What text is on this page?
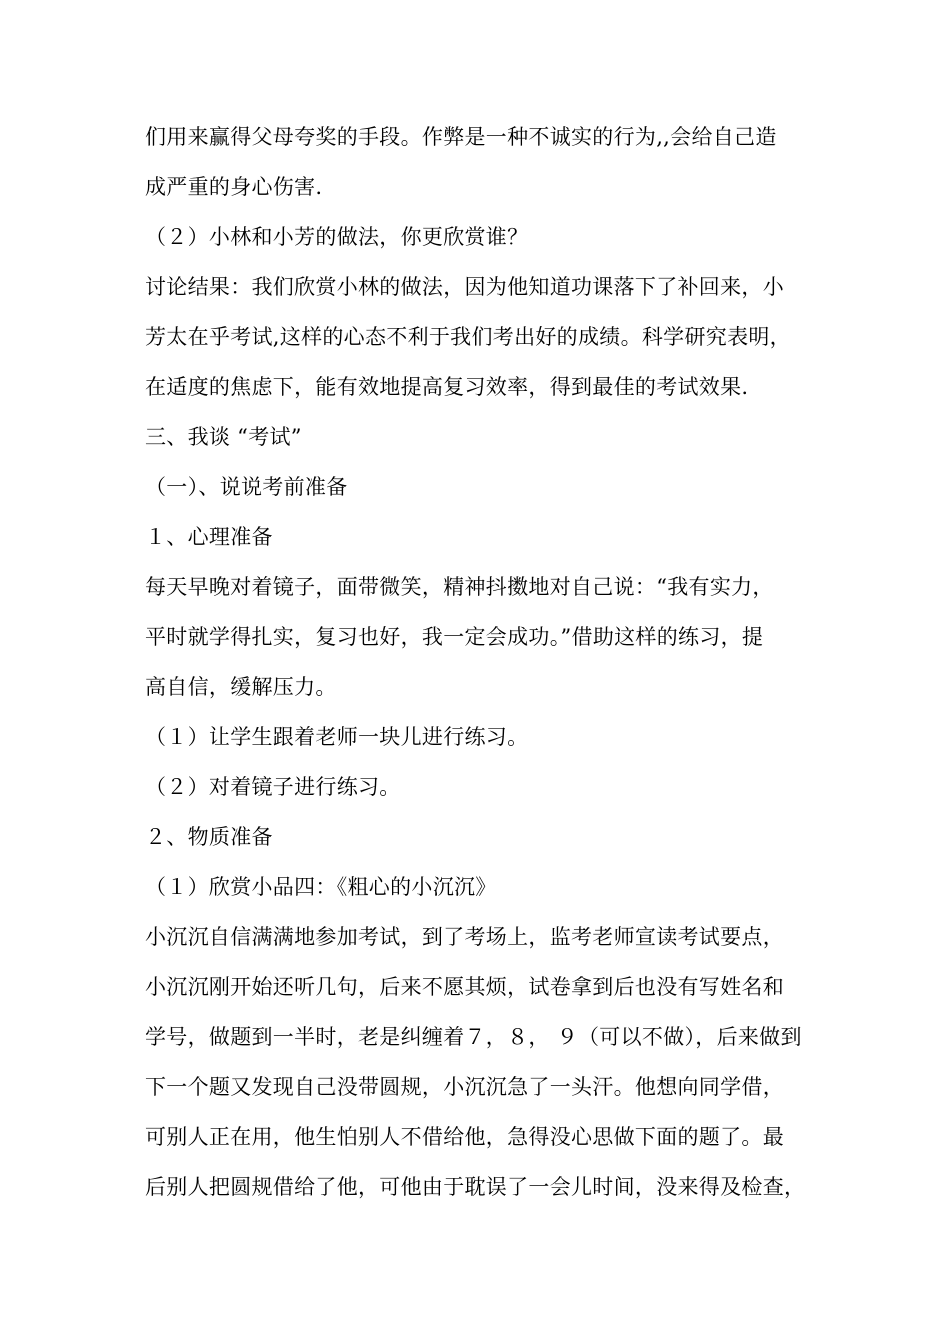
们用来赢得父母夸奖的手段。作弊是一种不诚实的行为,,会给自己造
成严重的身心伤害.
（２）小林和小芳的做法，你更欣赏谁？
讨论结果：我们欣赏小林的做法，因为他知道功课落下了补回来，小
芳太在乎考试,这样的心态不利于我们考出好的成绩。科学研究表明，
在适度的焦虑下，能有效地提高复习效率，得到最佳的考试效果.
三、我谈 “考试”
（一）、说说考前准备
１、心理准备
每天早晚对着镜子，面带微笑，精神抖擞地对自己说：“我有实力，
平时就学得扎实，复习也好，我一定会成功。”借助这样的练习，提
高自信，缓解压力。
（１）让学生跟着老师一块儿进行练习。
（２）对着镜子进行练习。
２、物质准备
（１）欣赏小品四：《粗心的小沉沉》
小沉沉自信满满地参加考试，到了考场上，监考老师宣读考试要点，
小沉沉刚开始还听几句，后来不愿其烦，试卷拿到后也没有写姓名和
学号，做题到一半时，老是纠缠着７，８， ９（可以不做），后来做到
下一个题又发现自己没带圆规，小沉沉急了一头汗。他想向同学借，
可别人正在用，他生怕别人不借给他，急得没心思做下面的题了。最
后别人把圆规借给了他，可他由于耽误了一会儿时间，没来得及检查，
